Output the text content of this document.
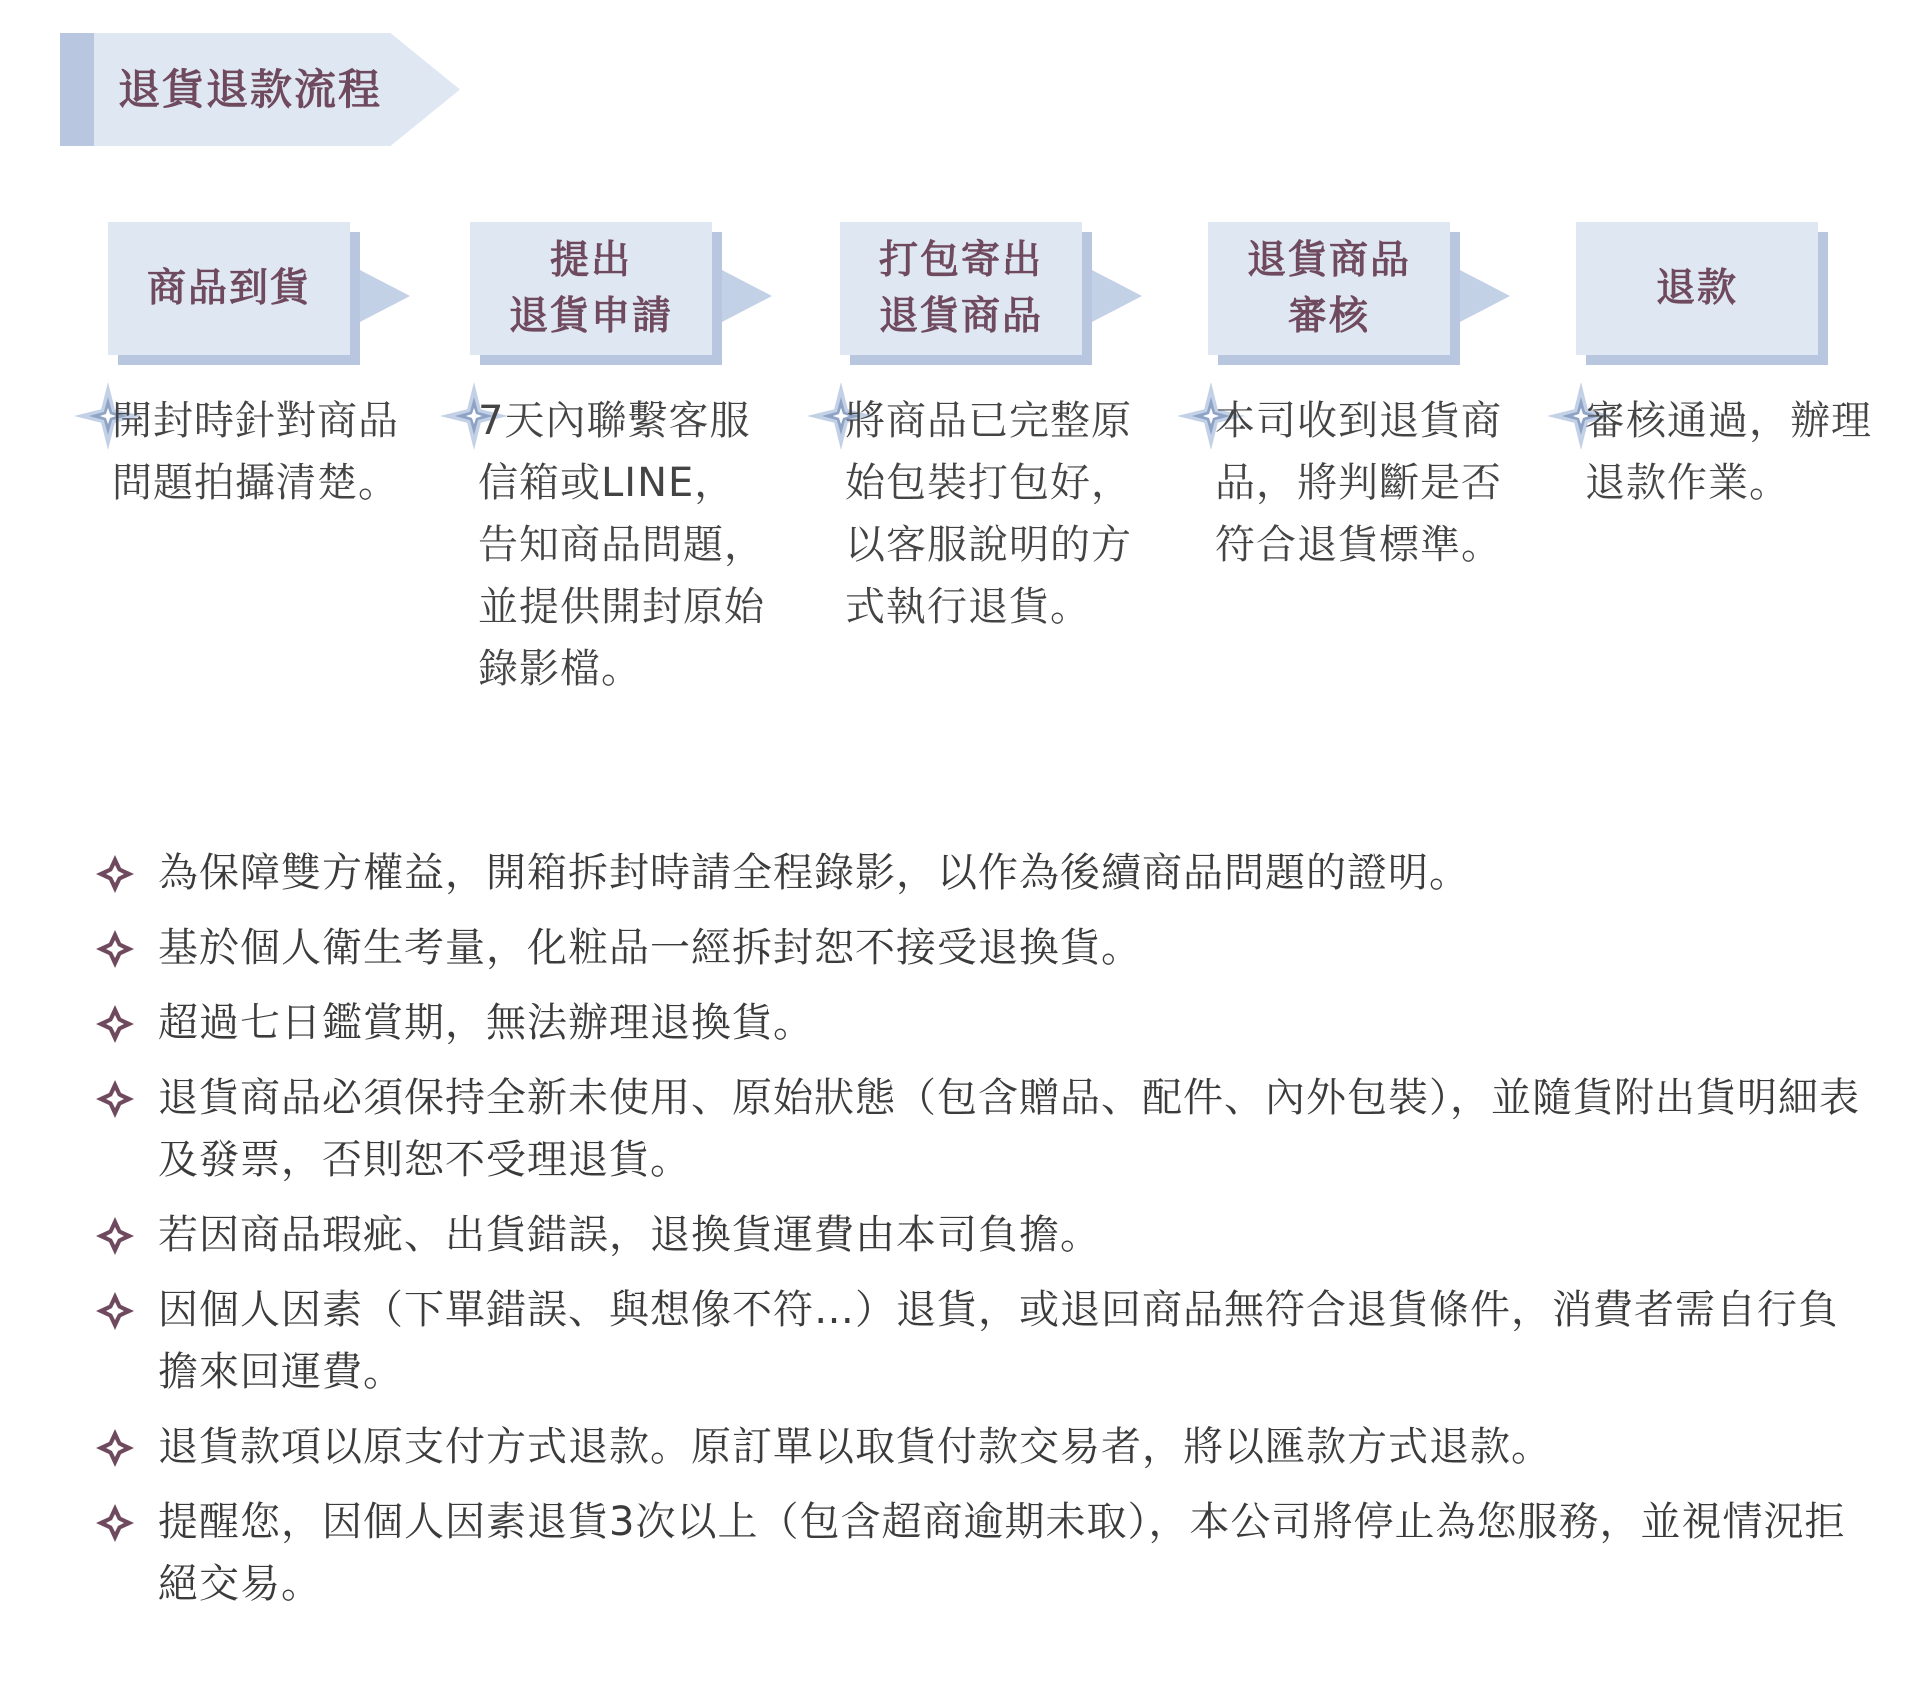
退貨退款流程
商品到貨
開封時針對商品問題拍攝清楚。
提出
退貨申請
7天內聯繫客服信箱或LINE，告知商品問題，並提供開封原始錄影檔。
打包寄出
退貨商品
將商品已完整原始包裝打包好，以客服說明的方式執行退貨。
退貨商品
審核
本司收到退貨商品，將判斷是否符合退貨標準。
退款
審核通過，辦理退款作業。
為保障雙方權益，開箱拆封時請全程錄影，以作為後續商品問題的證明。
基於個人衛生考量，化粧品一經拆封恕不接受退換貨。
超過七日鑑賞期，無法辦理退換貨。
退貨商品必須保持全新未使用、原始狀態（包含贈品、配件、內外包裝），並隨貨附出貨明細表及發票，否則恕不受理退貨。
若因商品瑕疵、出貨錯誤，退換貨運費由本司負擔。
因個人因素（下單錯誤、與想像不符…）退貨，或退回商品無符合退貨條件，消費者需自行負擔來回運費。
退貨款項以原支付方式退款。原訂單以取貨付款交易者，將以匯款方式退款。
提醒您，因個人因素退貨3次以上（包含超商逾期未取），本公司將停止為您服務，並視情況拒絕交易。
